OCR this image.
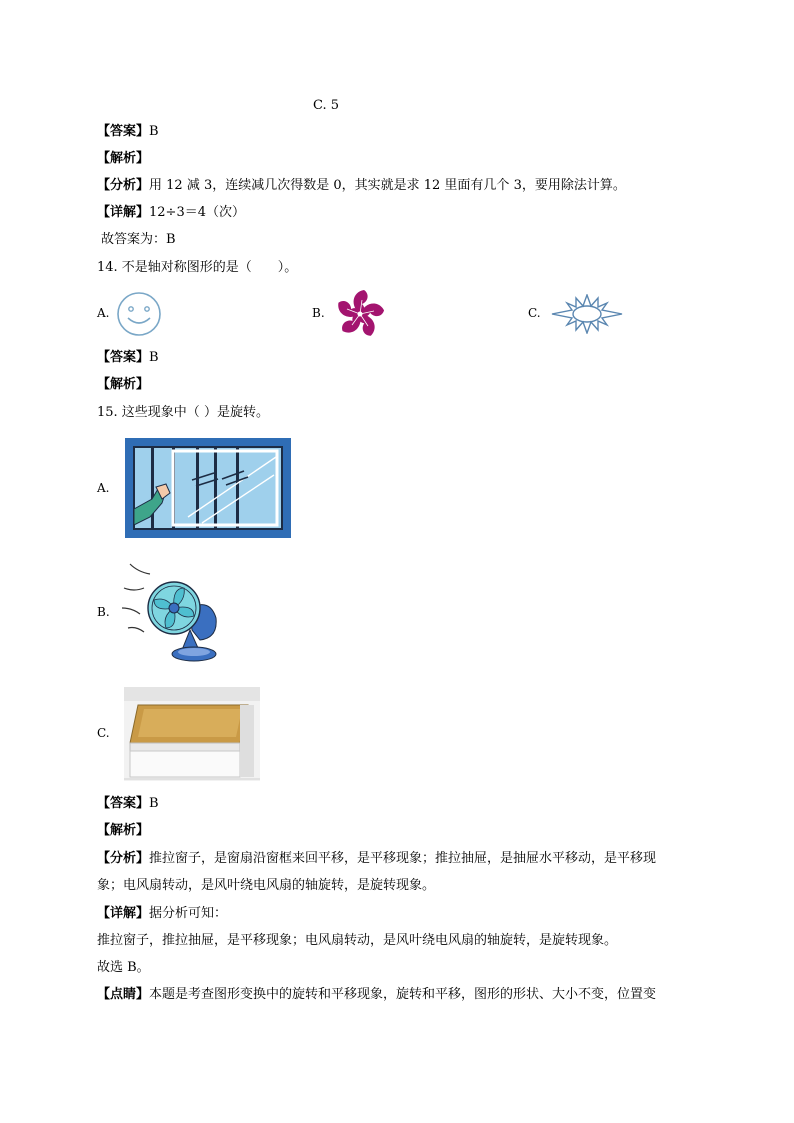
C. 5
【答案】B
【解析】
【分析】用 12 减 3，连续减几次得数是 0，其实就是求 12 里面有几个 3，要用除法计算。
【详解】12÷3＝4（次）
故答案为：B
14. 不是轴对称图形的是（　　）。
A.	B.	C.
【答案】B
【解析】
15. 这些现象中（ ）是旋转。
A.
B.
C.
【答案】B
【解析】
【分析】推拉窗子，是窗扇沿窗框来回平移，是平移现象；推拉抽屉，是抽屉水平移动，是平移现
象；电风扇转动，是风叶绕电风扇的轴旋转，是旋转现象。
【详解】据分析可知：
推拉窗子，推拉抽屉，是平移现象；电风扇转动，是风叶绕电风扇的轴旋转，是旋转现象。
故选 B。
【点睛】本题是考查图形变换中的旋转和平移现象，旋转和平移，图形的形状、大小不变，位置变
